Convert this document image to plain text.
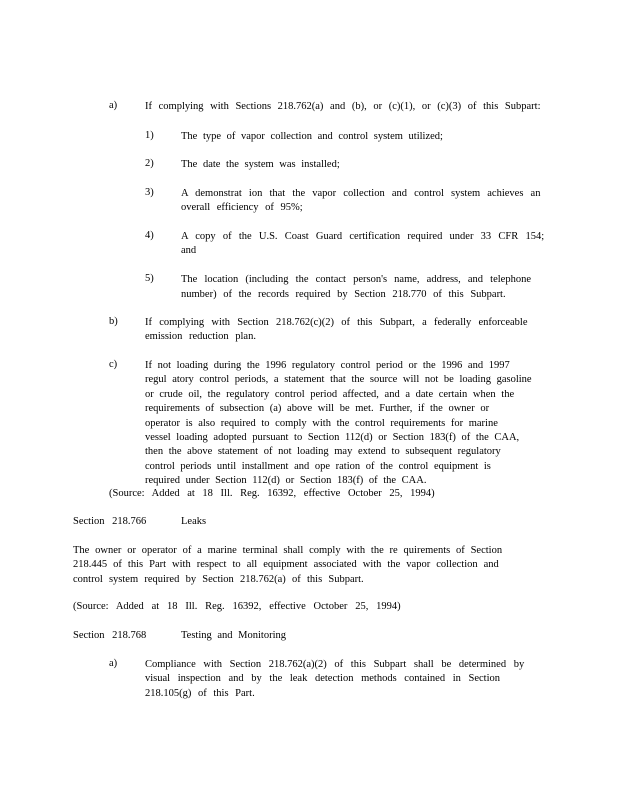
a)	If complying with Sections 218.762(a) and (b), or (c)(1), or (c)(3) of this Subpart:
1)	The type of vapor collection and control system utilized;
2)	The date the system was installed;
3)	A demonstrat ion that the vapor collection and control system achieves an
overall efficiency of 95%;
4)	A copy of the U.S. Coast Guard certification required under 33 CFR 154;
and
5)	The location (including the contact person's name, address, and telephone
number) of the records required by Section 218.770 of this Subpart.
b)	If complying with Section 218.762(c)(2) of this Subpart, a federally enforceable
emission reduction plan.
c)	If not loading during the 1996 regulatory control period or the 1996 and 1997
regul atory control periods, a statement that the source will not be loading gasoline
or crude oil, the regulatory control period affected, and a date certain when the
requirements of subsection (a) above will be met. Further, if the owner or
operator is also required to comply with the control requirements for marine
vessel loading adopted pursuant to Section 112(d) or Section 183(f) of the CAA,
then the above statement of not loading may extend to subsequent regulatory
control periods until installment and ope ration of the control equipment is
required under Section 112(d) or Section 183(f) of the CAA.
(Source: Added at 18 Ill. Reg. 16392, effective October 25, 1994)
Section 218.766	Leaks
The owner or operator of a marine terminal shall comply with the re quirements of Section
218.445 of this Part with respect to all equipment associated with the vapor collection and
control system required by Section 218.762(a) of this Subpart.
(Source: Added at 18 Ill. Reg. 16392, effective October 25, 1994)
Section 218.768	Testing and Monitoring
a)	Compliance with Section 218.762(a)(2) of this Subpart shall be determined by
visual inspection and by the leak detection methods contained in Section
218.105(g) of this Part.
